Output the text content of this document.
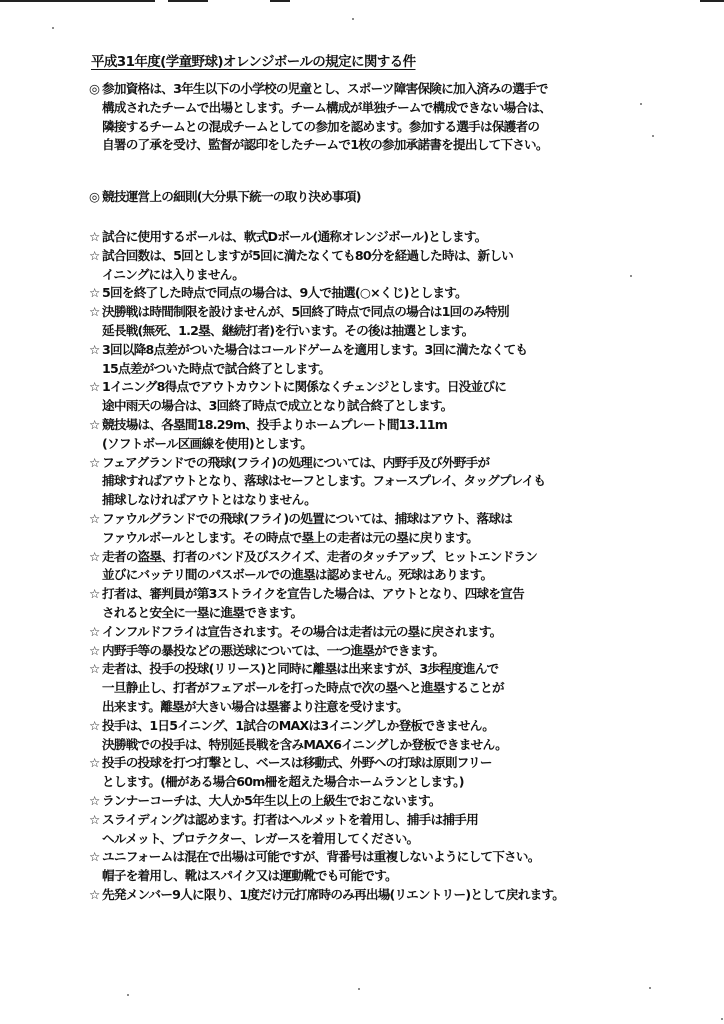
平成31年度(学童野球)オレンジボールの規定に関する件
◎ 参加資格は、3年生以下の小学校の児童とし、スポーツ障害保険に加入済みの選手で
構成されたチームで出場とします。チーム構成が単独チームで構成できない場合は、
隣接するチームとの混成チームとしての参加を認めます。参加する選手は保護者の
自署の了承を受け、監督が認印をしたチームで1枚の参加承諾書を提出して下さい。
◎ 競技運営上の細則(大分県下統一の取り決め事項)
☆ 試合に使用するボールは、軟式Dボール(通称オレンジボール)とします。
☆ 試合回数は、5回としますが5回に満たなくても80分を経過した時は、新しい
イニングには入りません。
☆ 5回を終了した時点で同点の場合は、9人で抽選(○×くじ)とします。
☆ 決勝戦は時間制限を設けませんが、5回終了時点で同点の場合は1回のみ特別
延長戦(無死、1.2塁、継続打者)を行います。その後は抽選とします。
☆ 3回以降8点差がついた場合はコールドゲームを適用します。3回に満たなくても
15点差がついた時点で試合終了とします。
☆ 1イニング8得点でアウトカウントに関係なくチェンジとします。日没並びに
途中雨天の場合は、3回終了時点で成立となり試合終了とします。
☆ 競技場は、各塁間18.29m、投手よりホームプレート間13.11m
(ソフトボール区画線を使用)とします。
☆ フェアグランドでの飛球(フライ)の処理については、内野手及び外野手が
捕球すればアウトとなり、落球はセーフとします。フォースプレイ、タッグプレイも
捕球しなければアウトとはなりません。
☆ ファウルグランドでの飛球(フライ)の処置については、捕球はアウト、落球は
ファウルボールとします。その時点で塁上の走者は元の塁に戻ります。
☆ 走者の盗塁、打者のバンド及びスクイズ、走者のタッチアップ、ヒットエンドラン
並びにバッテリ間のパスボールでの進塁は認めません。死球はあります。
☆ 打者は、審判員が第3ストライクを宣告した場合は、アウトとなり、四球を宣告
されると安全に一塁に進塁できます。
☆ インフルドフライは宣告されます。その場合は走者は元の塁に戻されます。
☆ 内野手等の暴投などの悪送球については、一つ進塁ができます。
☆ 走者は、投手の投球(リリース)と同時に離塁は出来ますが、3歩程度進んで
一旦静止し、打者がフェアボールを打った時点で次の塁へと進塁することが
出来ます。離塁が大きい場合は塁審より注意を受けます。
☆ 投手は、1日5イニング、1試合のMAXは3イニングしか登板できません。
決勝戦での投手は、特別延長戦を含みMAX6イニングしか登板できません。
☆ 投手の投球を打つ打撃とし、ベースは移動式、外野への打球は原則フリー
とします。(柵がある場合60m柵を超えた場合ホームランとします。)
☆ ランナーコーチは、大人か5年生以上の上級生でおこないます。
☆ スライディングは認めます。打者はヘルメットを着用し、捕手は捕手用
ヘルメット、プロテクター、レガースを着用してください。
☆ ユニフォームは混在で出場は可能ですが、背番号は重複しないようにして下さい。
帽子を着用し、靴はスパイク又は運動靴でも可能です。
☆ 先発メンバー9人に限り、1度だけ元打席時のみ再出場(リエントリー)として戻れます。
